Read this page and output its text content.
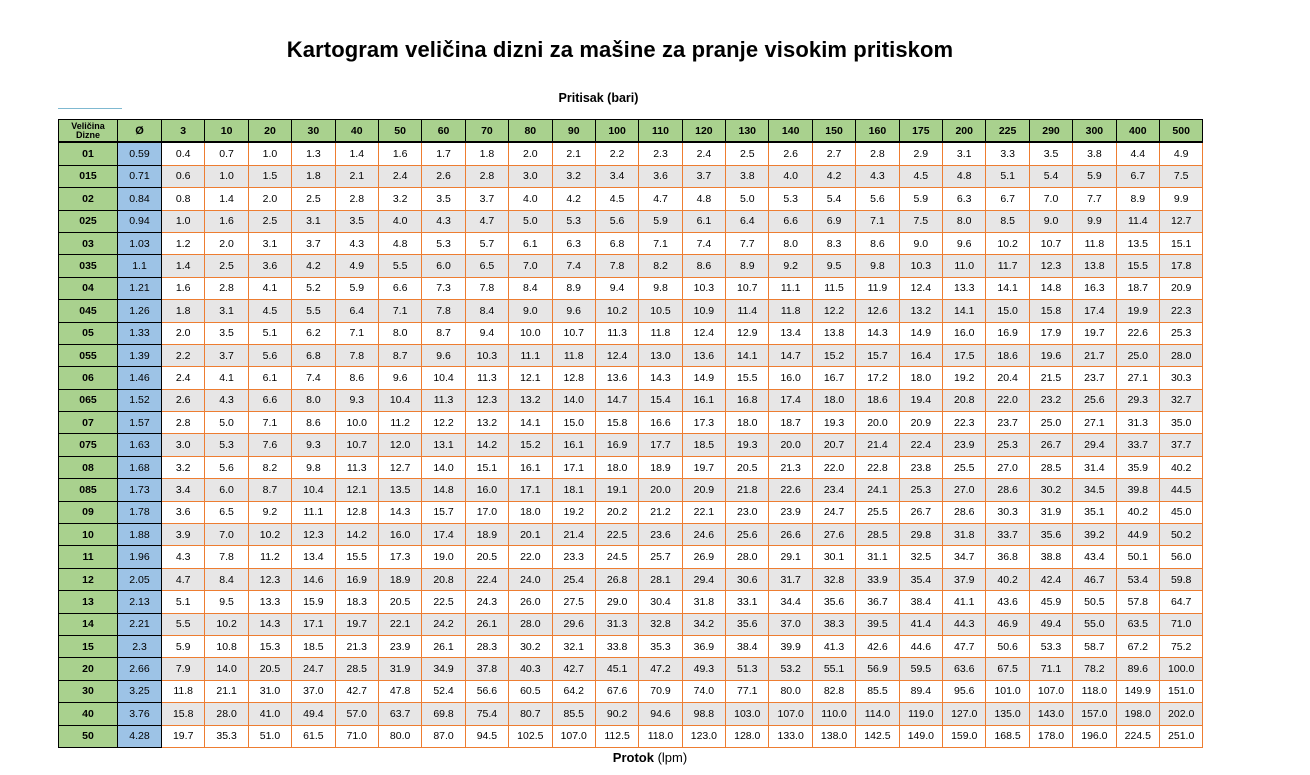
Kartogram veličina dizni za mašine za pranje visokim pritiskom
Pritisak (bari)
Veličina Dizne	Ø	3	10	20	30	40	50	60	70	80	90	100	110	120	130	140	150	160	175	200	225	290	300	400	500
01	0.59	0.4	0.7	1.0	1.3	1.4	1.6	1.7	1.8	2.0	2.1	2.2	2.3	2.4	2.5	2.6	2.7	2.8	2.9	3.1	3.3	3.5	3.8	4.4	4.9
015	0.71	0.6	1.0	1.5	1.8	2.1	2.4	2.6	2.8	3.0	3.2	3.4	3.6	3.7	3.8	4.0	4.2	4.3	4.5	4.8	5.1	5.4	5.9	6.7	7.5
02	0.84	0.8	1.4	2.0	2.5	2.8	3.2	3.5	3.7	4.0	4.2	4.5	4.7	4.8	5.0	5.3	5.4	5.6	5.9	6.3	6.7	7.0	7.7	8.9	9.9
025	0.94	1.0	1.6	2.5	3.1	3.5	4.0	4.3	4.7	5.0	5.3	5.6	5.9	6.1	6.4	6.6	6.9	7.1	7.5	8.0	8.5	9.0	9.9	11.4	12.7
03	1.03	1.2	2.0	3.1	3.7	4.3	4.8	5.3	5.7	6.1	6.3	6.8	7.1	7.4	7.7	8.0	8.3	8.6	9.0	9.6	10.2	10.7	11.8	13.5	15.1
035	1.1	1.4	2.5	3.6	4.2	4.9	5.5	6.0	6.5	7.0	7.4	7.8	8.2	8.6	8.9	9.2	9.5	9.8	10.3	11.0	11.7	12.3	13.8	15.5	17.8
04	1.21	1.6	2.8	4.1	5.2	5.9	6.6	7.3	7.8	8.4	8.9	9.4	9.8	10.3	10.7	11.1	11.5	11.9	12.4	13.3	14.1	14.8	16.3	18.7	20.9
045	1.26	1.8	3.1	4.5	5.5	6.4	7.1	7.8	8.4	9.0	9.6	10.2	10.5	10.9	11.4	11.8	12.2	12.6	13.2	14.1	15.0	15.8	17.4	19.9	22.3
05	1.33	2.0	3.5	5.1	6.2	7.1	8.0	8.7	9.4	10.0	10.7	11.3	11.8	12.4	12.9	13.4	13.8	14.3	14.9	16.0	16.9	17.9	19.7	22.6	25.3
055	1.39	2.2	3.7	5.6	6.8	7.8	8.7	9.6	10.3	11.1	11.8	12.4	13.0	13.6	14.1	14.7	15.2	15.7	16.4	17.5	18.6	19.6	21.7	25.0	28.0
06	1.46	2.4	4.1	6.1	7.4	8.6	9.6	10.4	11.3	12.1	12.8	13.6	14.3	14.9	15.5	16.0	16.7	17.2	18.0	19.2	20.4	21.5	23.7	27.1	30.3
065	1.52	2.6	4.3	6.6	8.0	9.3	10.4	11.3	12.3	13.2	14.0	14.7	15.4	16.1	16.8	17.4	18.0	18.6	19.4	20.8	22.0	23.2	25.6	29.3	32.7
07	1.57	2.8	5.0	7.1	8.6	10.0	11.2	12.2	13.2	14.1	15.0	15.8	16.6	17.3	18.0	18.7	19.3	20.0	20.9	22.3	23.7	25.0	27.1	31.3	35.0
075	1.63	3.0	5.3	7.6	9.3	10.7	12.0	13.1	14.2	15.2	16.1	16.9	17.7	18.5	19.3	20.0	20.7	21.4	22.4	23.9	25.3	26.7	29.4	33.7	37.7
08	1.68	3.2	5.6	8.2	9.8	11.3	12.7	14.0	15.1	16.1	17.1	18.0	18.9	19.7	20.5	21.3	22.0	22.8	23.8	25.5	27.0	28.5	31.4	35.9	40.2
085	1.73	3.4	6.0	8.7	10.4	12.1	13.5	14.8	16.0	17.1	18.1	19.1	20.0	20.9	21.8	22.6	23.4	24.1	25.3	27.0	28.6	30.2	34.5	39.8	44.5
09	1.78	3.6	6.5	9.2	11.1	12.8	14.3	15.7	17.0	18.0	19.2	20.2	21.2	22.1	23.0	23.9	24.7	25.5	26.7	28.6	30.3	31.9	35.1	40.2	45.0
10	1.88	3.9	7.0	10.2	12.3	14.2	16.0	17.4	18.9	20.1	21.4	22.5	23.6	24.6	25.6	26.6	27.6	28.5	29.8	31.8	33.7	35.6	39.2	44.9	50.2
11	1.96	4.3	7.8	11.2	13.4	15.5	17.3	19.0	20.5	22.0	23.3	24.5	25.7	26.9	28.0	29.1	30.1	31.1	32.5	34.7	36.8	38.8	43.4	50.1	56.0
12	2.05	4.7	8.4	12.3	14.6	16.9	18.9	20.8	22.4	24.0	25.4	26.8	28.1	29.4	30.6	31.7	32.8	33.9	35.4	37.9	40.2	42.4	46.7	53.4	59.8
13	2.13	5.1	9.5	13.3	15.9	18.3	20.5	22.5	24.3	26.0	27.5	29.0	30.4	31.8	33.1	34.4	35.6	36.7	38.4	41.1	43.6	45.9	50.5	57.8	64.7
14	2.21	5.5	10.2	14.3	17.1	19.7	22.1	24.2	26.1	28.0	29.6	31.3	32.8	34.2	35.6	37.0	38.3	39.5	41.4	44.3	46.9	49.4	55.0	63.5	71.0
15	2.3	5.9	10.8	15.3	18.5	21.3	23.9	26.1	28.3	30.2	32.1	33.8	35.3	36.9	38.4	39.9	41.3	42.6	44.6	47.7	50.6	53.3	58.7	67.2	75.2
20	2.66	7.9	14.0	20.5	24.7	28.5	31.9	34.9	37.8	40.3	42.7	45.1	47.2	49.3	51.3	53.2	55.1	56.9	59.5	63.6	67.5	71.1	78.2	89.6	100.0
30	3.25	11.8	21.1	31.0	37.0	42.7	47.8	52.4	56.6	60.5	64.2	67.6	70.9	74.0	77.1	80.0	82.8	85.5	89.4	95.6	101.0	107.0	118.0	149.9	151.0
40	3.76	15.8	28.0	41.0	49.4	57.0	63.7	69.8	75.4	80.7	85.5	90.2	94.6	98.8	103.0	107.0	110.0	114.0	119.0	127.0	135.0	143.0	157.0	198.0	202.0
50	4.28	19.7	35.3	51.0	61.5	71.0	80.0	87.0	94.5	102.5	107.0	112.5	118.0	123.0	128.0	133.0	138.0	142.5	149.0	159.0	168.5	178.0	196.0	224.5	251.0
Protok (lpm)
